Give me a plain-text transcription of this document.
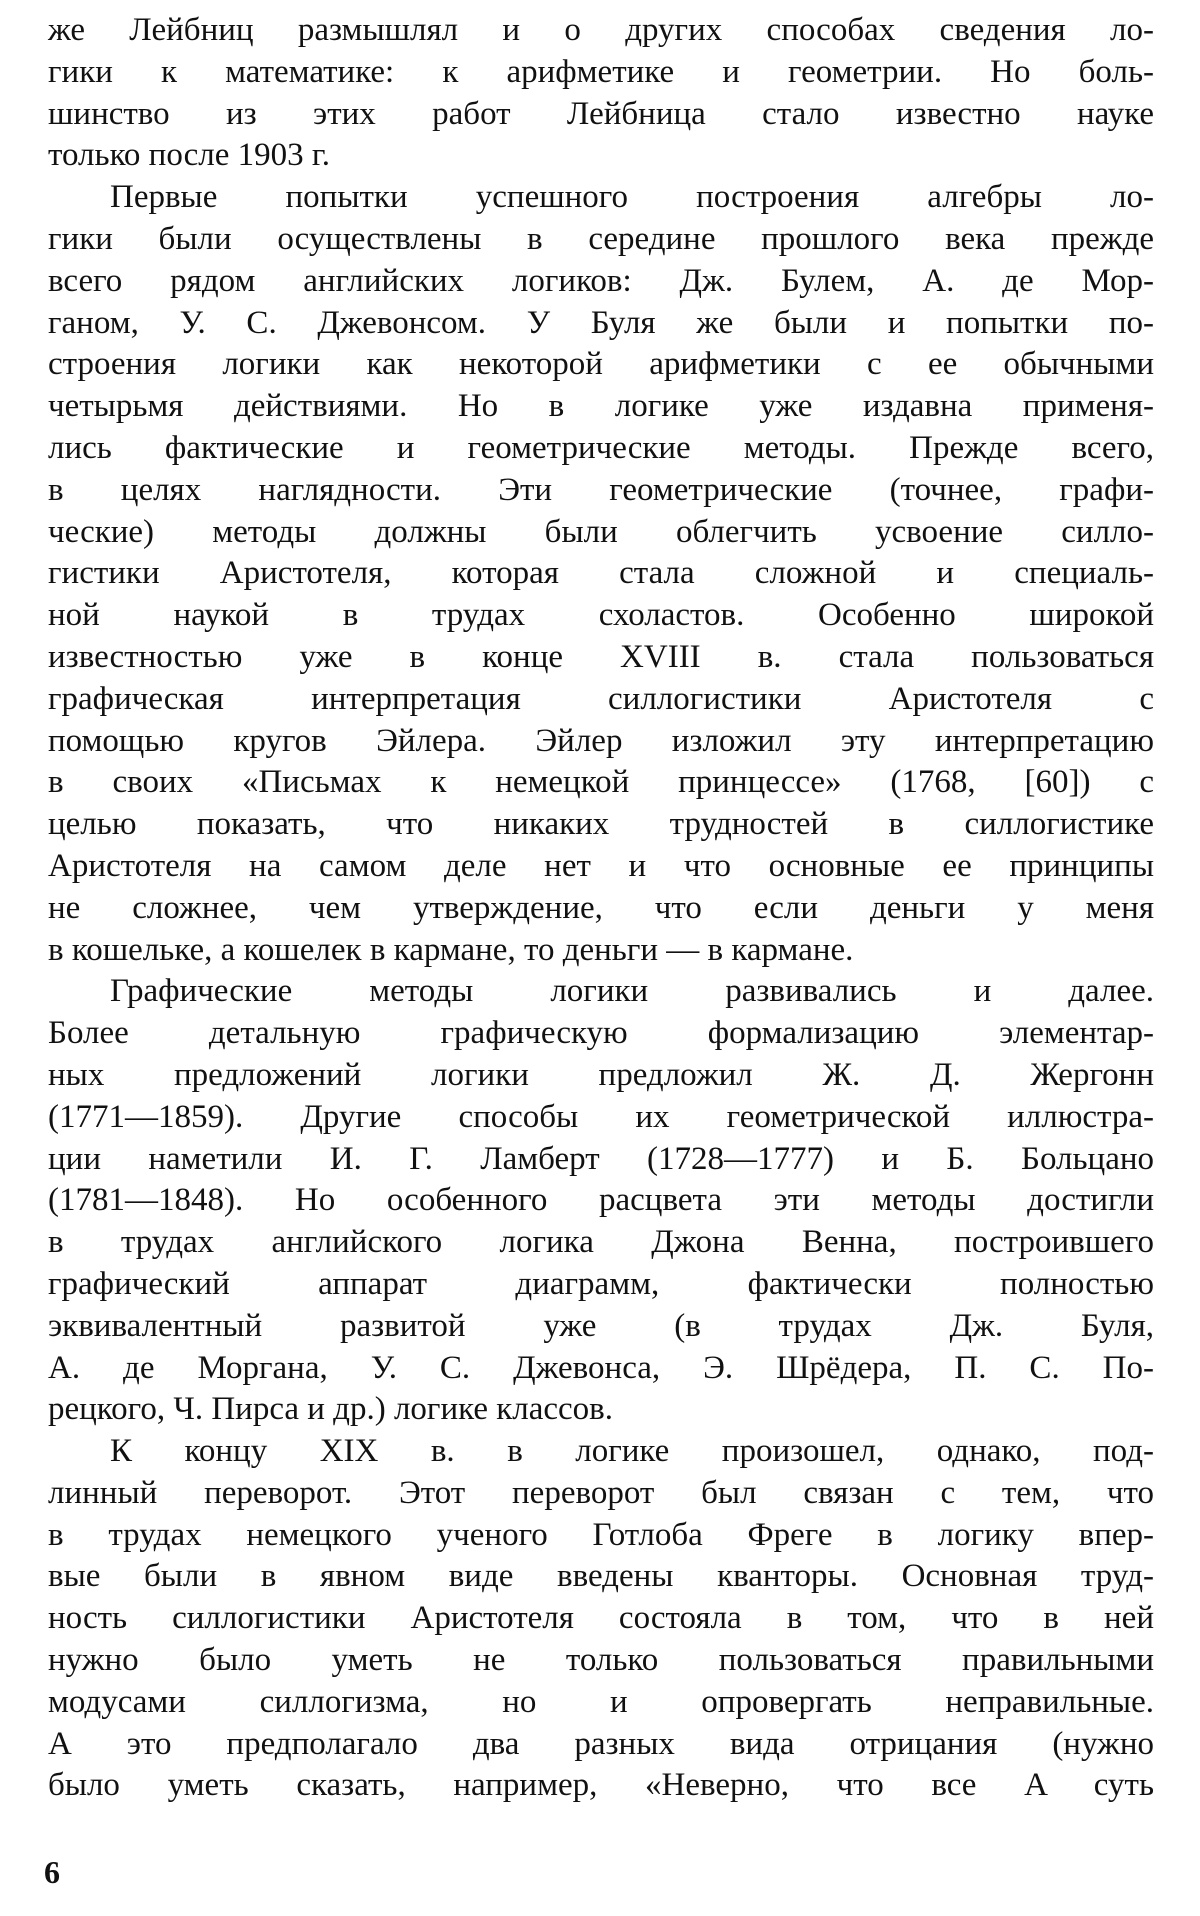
же Лейбниц размышлял и о других способах сведения ло-
гики к математике: к арифметике и геометрии. Но боль-
шинство из этих работ Лейбница стало известно науке
только после 1903 г.
Первые попытки успешного построения алгебры ло-
гики были осуществлены в середине прошлого века прежде
всего рядом английских логиков: Дж. Булем, А. де Мор-
ганом, У. С. Джевонсом. У Буля же были и попытки по-
строения логики как некоторой арифметики с ее обычными
четырьмя действиями. Но в логике уже издавна применя-
лись фактические и геометрические методы. Прежде всего,
в целях наглядности. Эти геометрические (точнее, графи-
ческие) методы должны были облегчить усвоение силло-
гистики Аристотеля, которая стала сложной и специаль-
ной наукой в трудах схоластов. Особенно широкой
известностью уже в конце XVIII в. стала пользоваться
графическая интерпретация силлогистики Аристотеля с
помощью кругов Эйлера. Эйлер изложил эту интерпретацию
в своих «Письмах к немецкой принцессе» (1768, [60]) с
целью показать, что никаких трудностей в силлогистике
Аристотеля на самом деле нет и что основные ее принципы
не сложнее, чем утверждение, что если деньги у меня
в кошельке, а кошелек в кармане, то деньги — в кармане.
Графические методы логики развивались и далее.
Более детальную графическую формализацию элементар-
ных предложений логики предложил Ж. Д. Жергонн
(1771—1859). Другие способы их геометрической иллюстра-
ции наметили И. Г. Ламберт (1728—1777) и Б. Больцано
(1781—1848). Но особенного расцвета эти методы достигли
в трудах английского логика Джона Венна, построившего
графический аппарат диаграмм, фактически полностью
эквивалентный развитой уже (в трудах Дж. Буля,
А. де Моргана, У. С. Джевонса, Э. Шрёдера, П. С. По-
рецкого, Ч. Пирса и др.) логике классов.
К концу XIX в. в логике произошел, однако, под-
линный переворот. Этот переворот был связан с тем, что
в трудах немецкого ученого Готлоба Фреге в логику впер-
вые были в явном виде введены кванторы. Основная труд-
ность силлогистики Аристотеля состояла в том, что в ней
нужно было уметь не только пользоваться правильными
модусами силлогизма, но и опровергать неправильные.
А это предполагало два разных вида отрицания (нужно
было уметь сказать, например, «Неверно, что все A суть
6
